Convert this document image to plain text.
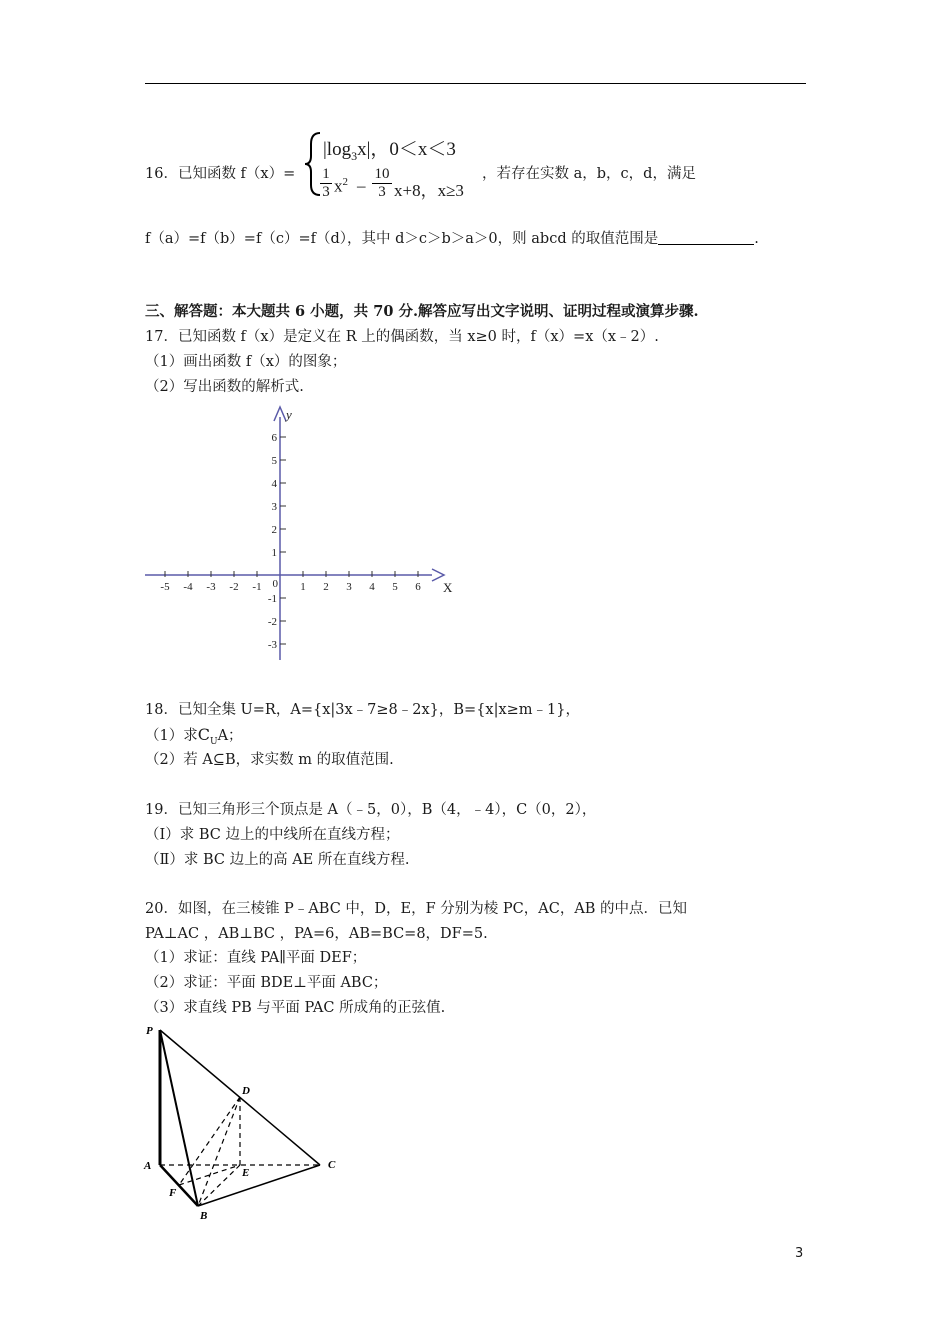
16．已知函数 f（x）=
$|\log_3x|$，0＜x＜3
$\frac{1}{3} x^2 - \frac{10}{3} x+8$，x≥3
，若存在实数 a，b，c，d，满足
f（a）=f（b）=f（c）=f（d），其中 d＞c＞b＞a＞0，则 abcd 的取值范围是	.
三、解答题：本大题共 6 小题，共 70 分.解答应写出文字说明、证明过程或演算步骤.
17．已知函数 f（x）是定义在 R 上的偶函数，当 x≥0 时，f（x）=x（x﹣2）.
（1）画出函数 f（x）的图象；
（2）写出函数的解析式.
-5 -4 -3 -2 -1	1 2 3 4 5 6
6
5
4
3
2
1
-1
-2
-3
0	X
y
18．已知全集 U=R，A={x|3x﹣7≥8﹣2x}，B={x|x≥m﹣1}，
（1）求$C_UA$；
（2）若 A⊆B，求实数 m 的取值范围.
19．已知三角形三个顶点是 A（﹣5，0），B（4，﹣4），C（0，2），
（Ⅰ）求 BC 边上的中线所在直线方程；
（Ⅱ）求 BC 边上的高 AE 所在直线方程.
20．如图，在三棱锥 P﹣ABC 中，D，E，F 分别为棱 PC，AC，AB 的中点．已知
PA⊥AC ，AB⊥BC ，PA=6，AB=BC=8，DF=5.
（1）求证：直线 PA∥平面 DEF；
（2）求证：平面 BDE⊥平面 ABC；
（3）求直线 PB 与平面 PAC 所成角的正弦值.
P
A
B
C
D
E
F
3
